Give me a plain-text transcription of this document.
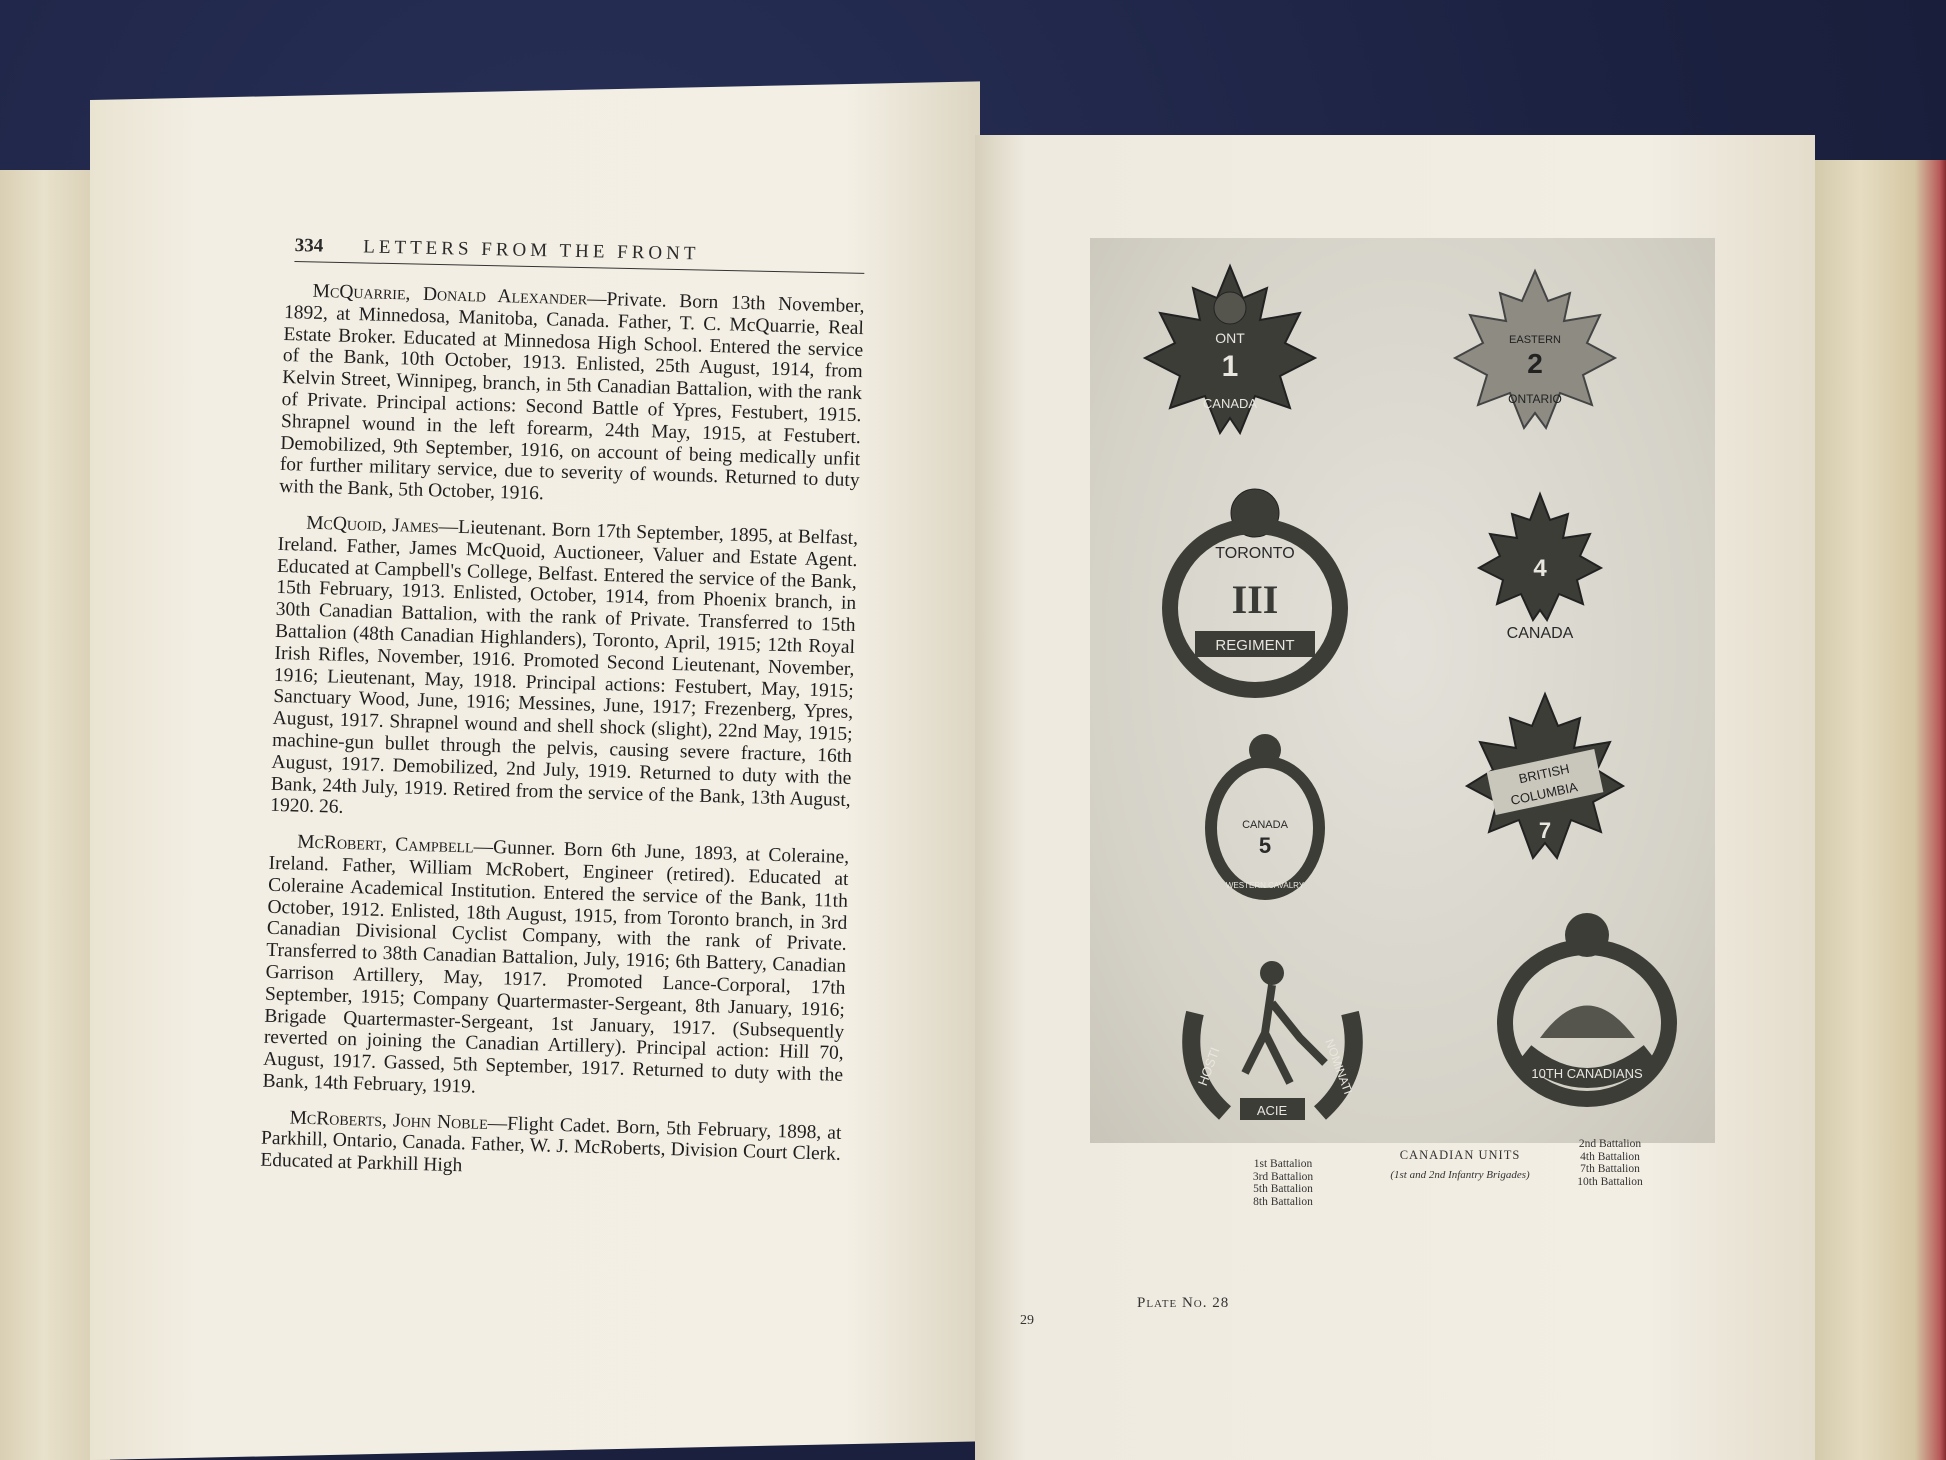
334 LETTERS FROM THE FRONT

McQuarrie, Donald Alexander—Private. Born 13th November, 1892, at Minnedosa, Manitoba, Canada. Father, T. C. McQuarrie, Real Estate Broker. Educated at Minnedosa High School. Entered the service of the Bank, 10th October, 1913. Enlisted, 25th August, 1914, from Kelvin Street, Winnipeg, branch, in 5th Canadian Battalion, with the rank of Private. Principal actions: Second Battle of Ypres, Festubert, 1915. Shrapnel wound in the left forearm, 24th May, 1915, at Festubert. Demobilized, 9th September, 1916, on account of being medically unfit for further military service, due to severity of wounds. Returned to duty with the Bank, 5th October, 1916.

McQuoid, James—Lieutenant. Born 17th September, 1895, at Belfast, Ireland. Father, James McQuoid, Auctioneer, Valuer and Estate Agent. Educated at Campbell's College, Belfast. Entered the service of the Bank, 15th February, 1913. Enlisted, October, 1914, from Phoenix branch, in 30th Canadian Battalion, with the rank of Private. Transferred to 15th Battalion (48th Canadian Highlanders), Toronto, April, 1915; 12th Royal Irish Rifles, November, 1916. Promoted Second Lieutenant, November, 1916; Lieutenant, May, 1918. Principal actions: Festubert, May, 1915; Sanctuary Wood, June, 1916; Messines, June, 1917; Frezenberg, Ypres, August, 1917. Shrapnel wound and shell shock (slight), 22nd May, 1915; machine-gun bullet through the pelvis, causing severe fracture, 16th August, 1917. Demobilized, 2nd July, 1919. Returned to duty with the Bank, 24th July, 1919. Retired from the service of the Bank, 13th August, 1920. 26.

McRobert, Campbell—Gunner. Born 6th June, 1893, at Coleraine, Ireland. Father, William McRobert, Engineer (retired). Educated at Coleraine Academical Institution. Entered the service of the Bank, 11th October, 1912. Enlisted, 18th August, 1915, from Toronto branch, in 3rd Canadian Divisional Cyclist Company, with the rank of Private. Transferred to 38th Canadian Battalion, July, 1916; 6th Battery, Canadian Garrison Artillery, May, 1917. Promoted Lance-Corporal, 17th September, 1915; Company Quartermaster-Sergeant, 8th January, 1916; Brigade Quartermaster-Sergeant, 1st January, 1917. (Subsequently reverted on joining the Canadian Artillery). Principal action: Hill 70, August, 1917. Gassed, 5th September, 1917. Returned to duty with the Bank, 14th February, 1919.

McRoberts, John Noble—Flight Cadet. Born, 5th February, 1898, at Parkhill, Ontario, Canada. Father, W. J. McRoberts, Division Court Clerk. Educated at Parkhill High

ONT
1
CANADA
EASTERN
2
ONTARIO
TORONTO
III
REGIMENT
4
CANADA
CANADA
5
WESTERN CAVALRY
BRITISH
COLUMBIA
7
HOSTI
ACIE
NOMINATI	10TH CANADIANS
1st Battalion
3rd Battalion
5th Battalion
8th Battalion
CANADIAN UNITS
(1st and 2nd Infantry Brigades)
2nd Battalion
4th Battalion
7th Battalion
10th Battalion
Plate No. 28
29
